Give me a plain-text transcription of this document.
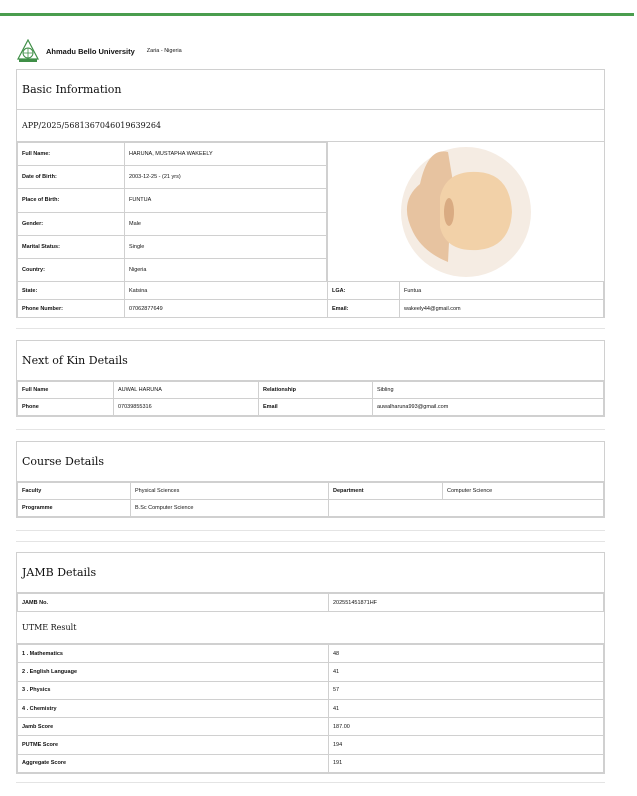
Ahmadu Bello University Zaria - Nigeria
Basic Information
APP/2025/5681367046019639264
Full Name:	HARUNA, MUSTAPHA WAKEELY
Date of Birth:	2003-12-25 - (21 yrs)
Place of Birth:	FUNTUA
Gender:	Male
Marital Status:	Single
Country:	Nigeria
State:	Katsina	LGA:	Funtua
Phone Number:	07062877649	Email:	wakeely44@gmail.com
Next of Kin Details
Full Name	AUWAL HARUNA	Relationship	Sibling
Phone	07039855316	Email	auwalharuna993@gmail.com
Course Details
Faculty	Physical Sciences	Department	Computer Science
Programme	B.Sc Computer Science		
JAMB Details
JAMB No.	202551451871HF
UTME Result
1 . Mathematics	48
2 . English Language	41
3 . Physics	57
4 . Chemistry	41
Jamb Score	187.00
PUTME Score	194
Aggregate Score	191
